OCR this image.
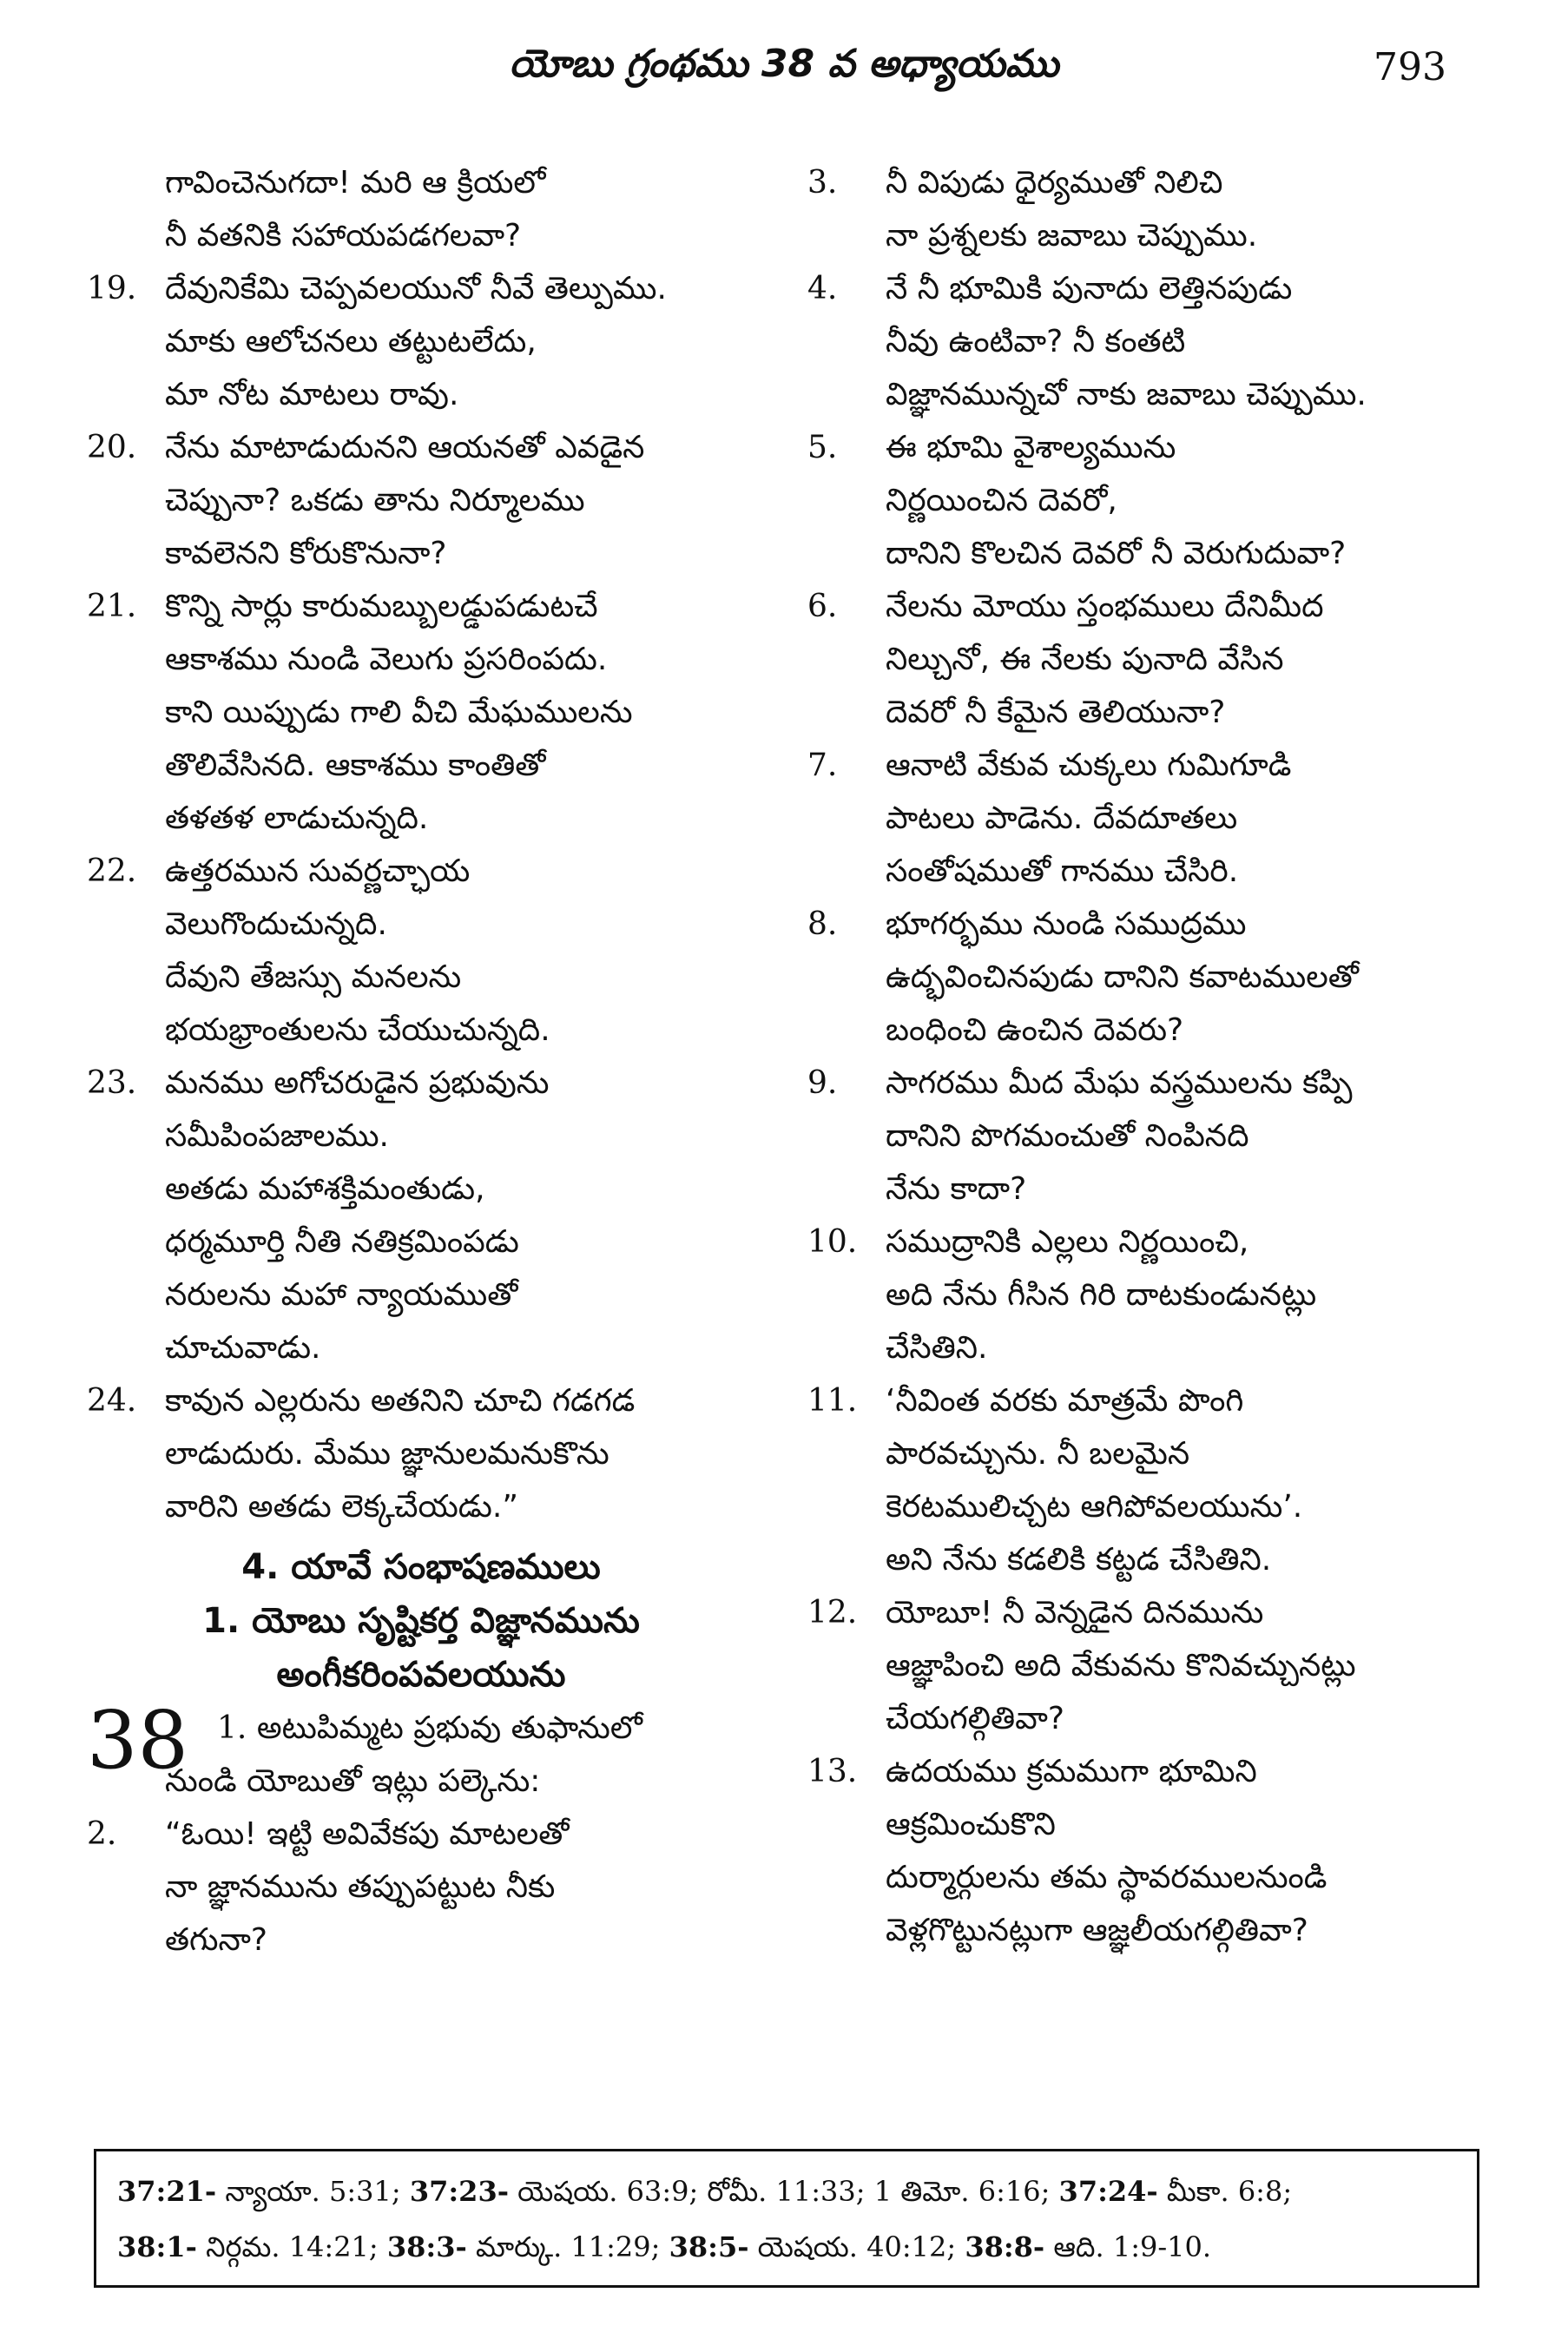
యోబు గ్రంథము 38 వ అధ్యాయము	793
గావించెనుగదా! మరి ఆ క్రియలో
నీ వతనికి సహాయపడగలవా?
19. దేవునికేమి చెప్పవలయునో నీవే తెల్పుము.
మాకు ఆలోచనలు తట్టుటలేదు,
మా నోట మాటలు రావు.
20. నేను మాటాడుదునని ఆయనతో ఎవడైన
చెప్పునా? ఒకడు తాను నిర్మూలము
కావలెనని కోరుకొనునా?
21. కొన్ని సార్లు కారుమబ్బులడ్డుపడుటచే
ఆకాశము నుండి వెలుగు ప్రసరింపదు.
కాని యిప్పుడు గాలి వీచి మేఘములను
తొలివేసినది. ఆకాశము కాంతితో
తళతళ లాడుచున్నది.
22. ఉత్తరమున సువర్ణచ్ఛాయ
వెలుగొందుచున్నది.
దేవుని తేజస్సు మనలను
భయభ్రాంతులను చేయుచున్నది.
23. మనము అగోచరుడైన ప్రభువును
సమీపింపజాలము.
అతడు మహాశక్తిమంతుడు,
ధర్మమూర్తి నీతి నతిక్రమింపడు
నరులను మహా న్యాయముతో
చూచువాడు.
24. కావున ఎల్లరును అతనిని చూచి గడగడ
లాడుదురు. మేము జ్ఞానులమనుకొను
వారిని అతడు లెక్కచేయడు.”
4. యావే సంభాషణములు
1. యోబు సృష్టికర్త విజ్ఞానమును
అంగీకరింపవలయును
38 1. అటుపిమ్మట ప్రభువు తుఫానులో
నుండి యోబుతో ఇట్లు పల్కెను:
2. “ఓయి! ఇట్టి అవివేకపు మాటలతో
నా జ్ఞానమును తప్పుపట్టుట నీకు
తగునా?
3. నీ విపుడు ధైర్యముతో నిలిచి
నా ప్రశ్నలకు జవాబు చెప్పుము.
4. నే నీ భూమికి పునాదు లెత్తినపుడు
నీవు ఉంటివా? నీ కంతటి
విజ్ఞానమున్నచో నాకు జవాబు చెప్పుము.
5. ఈ భూమి వైశాల్యమును
నిర్ణయించిన దెవరో,
దానిని కొలచిన దెవరో నీ వెరుగుదువా?
6. నేలను మోయు స్తంభములు దేనిమీద
నిల్చునో, ఈ నేలకు పునాది వేసిన
దెవరో నీ కేమైన తెలియునా?
7. ఆనాటి వేకువ చుక్కలు గుమిగూడి
పాటలు పాడెను. దేవదూతలు
సంతోషముతో గానము చేసిరి.
8. భూగర్భము నుండి సముద్రము
ఉద్భవించినపుడు దానిని కవాటములతో
బంధించి ఉంచిన దెవరు?
9. సాగరము మీద మేఘ వస్త్రములను కప్పి
దానిని పొగమంచుతో నింపినది
నేను కాదా?
10. సముద్రానికి ఎల్లలు నిర్ణయించి,
అది నేను గీసిన గిరి దాటకుండునట్లు
చేసితిని.
11. ‘నీవింత వరకు మాత్రమే పొంగి
పారవచ్చును. నీ బలమైన
కెరటములిచ్చట ఆగిపోవలయును’.
అని నేను కడలికి కట్టడ చేసితిని.
12. యోబూ! నీ వెన్నడైన దినమును
ఆజ్ఞాపించి అది వేకువను కొనివచ్చునట్లు
చేయగల్గితివా?
13. ఉదయము క్రమముగా భూమిని
ఆక్రమించుకొని
దుర్మార్గులను తమ స్థావరములనుండి
వెళ్లగొట్టునట్లుగా ఆజ్ఞలీయగల్గితివా?
37:21- న్యాయా. 5:31; 37:23- యెషయ. 63:9; రోమీ. 11:33; 1 తిమో. 6:16; 37:24- మీకా. 6:8;
38:1- నిర్గమ. 14:21; 38:3- మార్కు. 11:29; 38:5- యెషయ. 40:12; 38:8- ఆది. 1:9-10.
